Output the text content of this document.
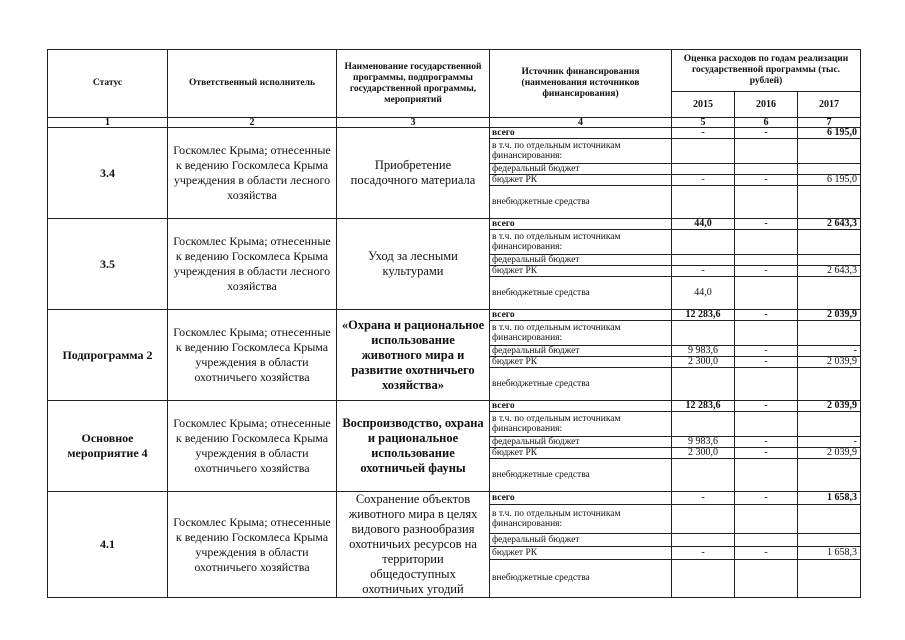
Статус	Ответственный исполнитель	Наименование государственной программы, подпрограммы государственной программы, мероприятий	Источник финансирования (наименования источников финансирования)	Оценка расходов по годам реализации государственной программы (тыс. рублей)		
				2015	2016	2017
1	2	3	4	5	6	7
3.4	Госкомлес Крыма; отнесенные к ведению Госкомлеса Крыма учреждения в области лесного хозяйства	Приобретение посадочного материала	всего	-	-	6 195,0
			в т.ч. по отдельным источникам финансирования:			
			федеральный бюджет			
			бюджет РК	-	-	6 195,0
			внебюджетные средства			
3.5	Госкомлес Крыма; отнесенные к ведению Госкомлеса Крыма учреждения в области лесного хозяйства	Уход за лесными культурами	всего	44,0	-	2 643,3
			в т.ч. по отдельным источникам финансирования:			
			федеральный бюджет			
			бюджет РК	-	-	2 643,3
			внебюджетные средства	44,0		
Подпрограмма 2	Госкомлес Крыма; отнесенные к ведению Госкомлеса Крыма учреждения в области охотничьего хозяйства	«Охрана и рациональное использование животного мира и развитие охотничьего хозяйства»	всего	12 283,6	-	2 039,9
			в т.ч. по отдельным источникам финансирования:			
			федеральный бюджет	9 983,6	-	-
			бюджет РК	2 300,0	-	2 039,9
			внебюджетные средства			
Основное мероприятие 4	Госкомлес Крыма; отнесенные к ведению Госкомлеса Крыма учреждения в области охотничьего хозяйства	Воспроизводство, охрана и рациональное использование охотничьей фауны	всего	12 283,6	-	2 039,9
			в т.ч. по отдельным источникам финансирования:			
			федеральный бюджет	9 983,6	-	-
			бюджет РК	2 300,0	-	2 039,9
			внебюджетные средства			
4.1	Госкомлес Крыма; отнесенные к ведению Госкомлеса Крыма учреждения в области охотничьего хозяйства	Сохранение объектов животного мира в целях видового разнообразия охотничьих ресурсов на территории общедоступных охотничьих угодий	всего	-	-	1 658,3
			в т.ч. по отдельным источникам финансирования:			
			федеральный бюджет			
			бюджет РК	-	-	1 658,3
			внебюджетные средства			
